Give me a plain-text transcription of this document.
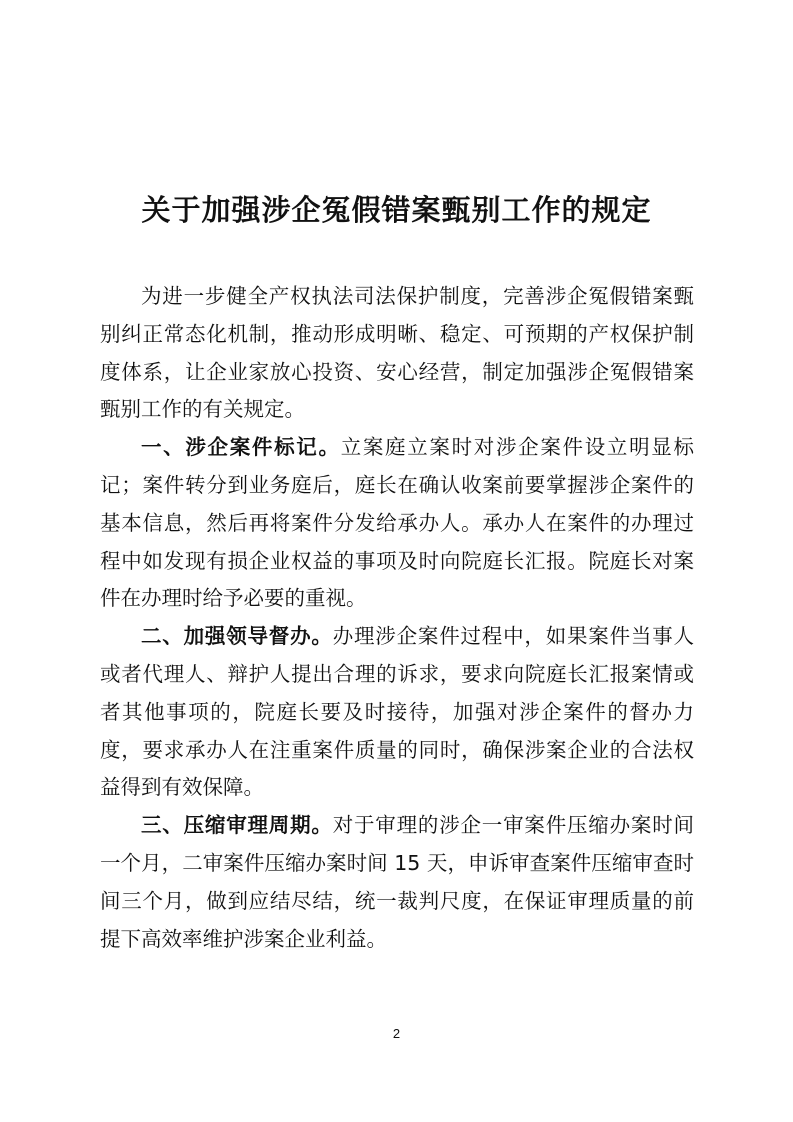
关于加强涉企冤假错案甄别工作的规定

为进一步健全产权执法司法保护制度，完善涉企冤假错案甄别纠正常态化机制，推动形成明晰、稳定、可预期的产权保护制度体系，让企业家放心投资、安心经营，制定加强涉企冤假错案甄别工作的有关规定。

一、涉企案件标记。立案庭立案时对涉企案件设立明显标记；案件转分到业务庭后，庭长在确认收案前要掌握涉企案件的基本信息，然后再将案件分发给承办人。承办人在案件的办理过程中如发现有损企业权益的事项及时向院庭长汇报。院庭长对案件在办理时给予必要的重视。

二、加强领导督办。办理涉企案件过程中，如果案件当事人或者代理人、辩护人提出合理的诉求，要求向院庭长汇报案情或者其他事项的，院庭长要及时接待，加强对涉企案件的督办力度，要求承办人在注重案件质量的同时，确保涉案企业的合法权益得到有效保障。

三、压缩审理周期。对于审理的涉企一审案件压缩办案时间一个月，二审案件压缩办案时间 15 天，申诉审查案件压缩审查时间三个月，做到应结尽结，统一裁判尺度，在保证审理质量的前提下高效率维护涉案企业利益。

2
